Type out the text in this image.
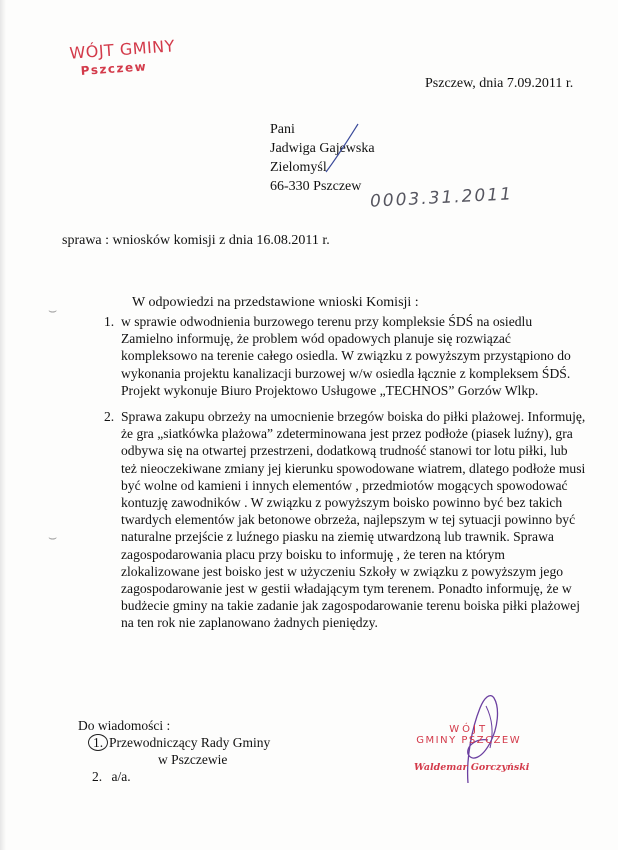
WÓJT GMINY
Pszczew
Pszczew, dnia 7.09.2011 r.
Pani
Jadwiga Gajewska
Zielomyśl
66-330 Pszczew 0003.31.2011
sprawa : wniosków komisji z dnia 16.08.2011 r.
W odpowiedzi na przedstawione wnioski Komisji :
1. w sprawie odwodnienia burzowego terenu przy kompleksie ŚDŚ na osiedlu Zamielno informuję, że problem wód opadowych planuje się rozwiązać kompleksowo na terenie całego osiedla. W związku z powyższym przystąpiono do wykonania projektu kanalizacji burzowej w/w osiedla łącznie z kompleksem ŚDŚ. Projekt wykonuje Biuro Projektowo Usługowe „TECHNOS” Gorzów Wlkp.
2. Sprawa zakupu obrzeży na umocnienie brzegów boiska do piłki plażowej. Informuję, że gra „siatkówka plażowa” zdeterminowana jest przez podłoże (piasek luźny), gra odbywa się na otwartej przestrzeni, dodatkową trudność stanowi tor lotu piłki, lub też nieoczekiwane zmiany jej kierunku spowodowane wiatrem, dlatego podłoże musi być wolne od kamieni i innych elementów , przedmiotów mogących spowodować kontuzję zawodników . W związku z powyższym boisko powinno być bez takich twardych elementów jak betonowe obrzeża, najlepszym w tej sytuacji powinno być naturalne przejście z luźnego piasku na ziemię utwardzoną lub trawnik. Sprawa zagospodarowania placu przy boisku to informuję , że teren na którym zlokalizowane jest boisko jest w użyczeniu Szkoły w związku z powyższym jego zagospodarowanie jest w gestii władającym tym terenem. Ponadto informuję, że w budżecie gminy na takie zadanie jak zagospodarowanie terenu boiska piłki plażowej na ten rok nie zaplanowano żadnych pieniędzy.
⌣
⌣
Do wiadomości :
1. Przewodniczący Rady Gminy
w Pszczewie
2. a/a.
WÓJT
GMINY PSZCZEW
Waldemar Gorczyński
